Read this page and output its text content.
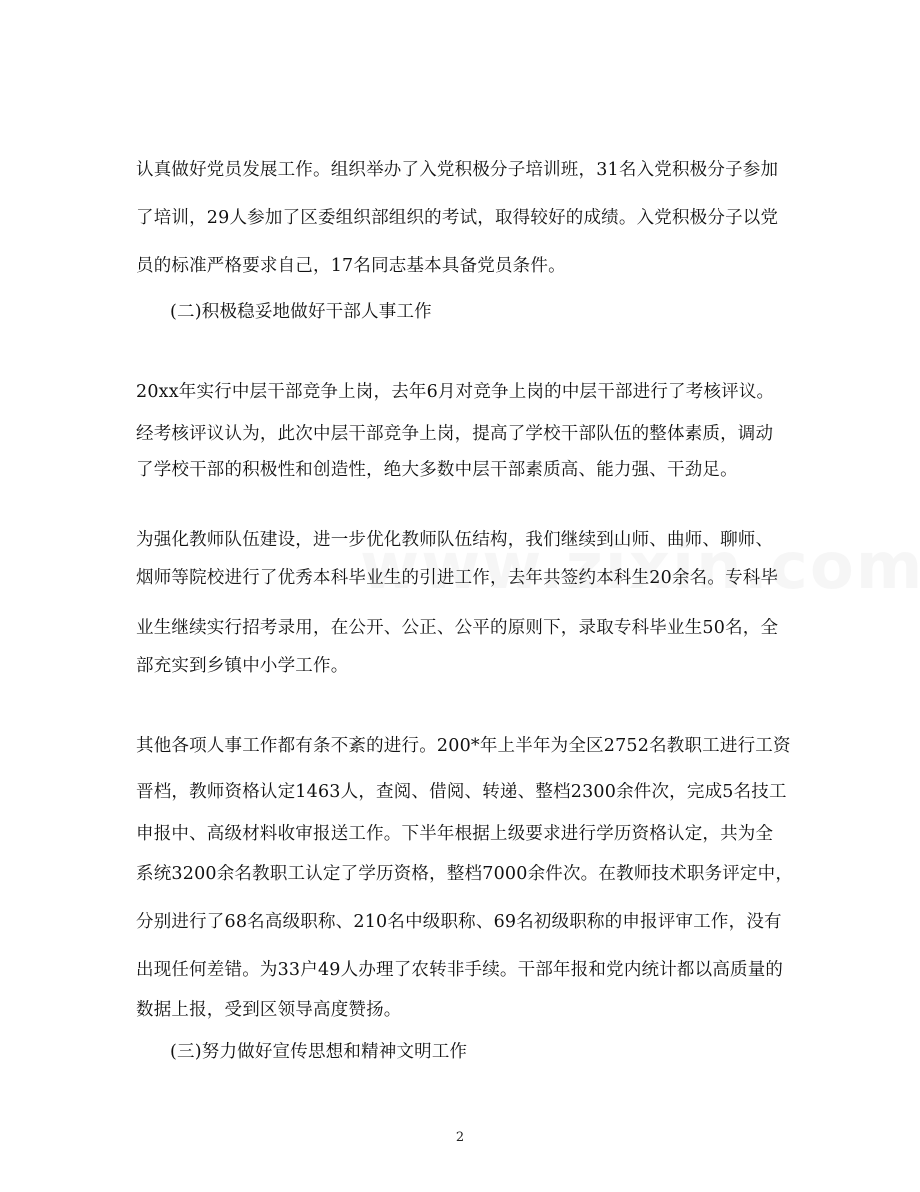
认真做好党员发展工作。组织举办了入党积极分子培训班，31名入党积极分子参加
了培训，29人参加了区委组织部组织的考试，取得较好的成绩。入党积极分子以党
员的标准严格要求自己，17名同志基本具备党员条件。
(二)积极稳妥地做好干部人事工作
20xx年实行中层干部竞争上岗，去年6月对竞争上岗的中层干部进行了考核评议。
经考核评议认为，此次中层干部竞争上岗，提高了学校干部队伍的整体素质，调动
了学校干部的积极性和创造性，绝大多数中层干部素质高、能力强、干劲足。
为强化教师队伍建设，进一步优化教师队伍结构，我们继续到山师、曲师、聊师、
烟师等院校进行了优秀本科毕业生的引进工作，去年共签约本科生20余名。专科毕
业生继续实行招考录用，在公开、公正、公平的原则下，录取专科毕业生50名，全
部充实到乡镇中小学工作。
其他各项人事工作都有条不紊的进行。200*年上半年为全区2752名教职工进行工资
晋档，教师资格认定1463人，查阅、借阅、转递、整档2300余件次，完成5名技工
申报中、高级材料收审报送工作。下半年根据上级要求进行学历资格认定，共为全
系统3200余名教职工认定了学历资格，整档7000余件次。在教师技术职务评定中，
分别进行了68名高级职称、210名中级职称、69名初级职称的申报评审工作，没有
出现任何差错。为33户49人办理了农转非手续。干部年报和党内统计都以高质量的
数据上报，受到区领导高度赞扬。
(三)努力做好宣传思想和精神文明工作
2
